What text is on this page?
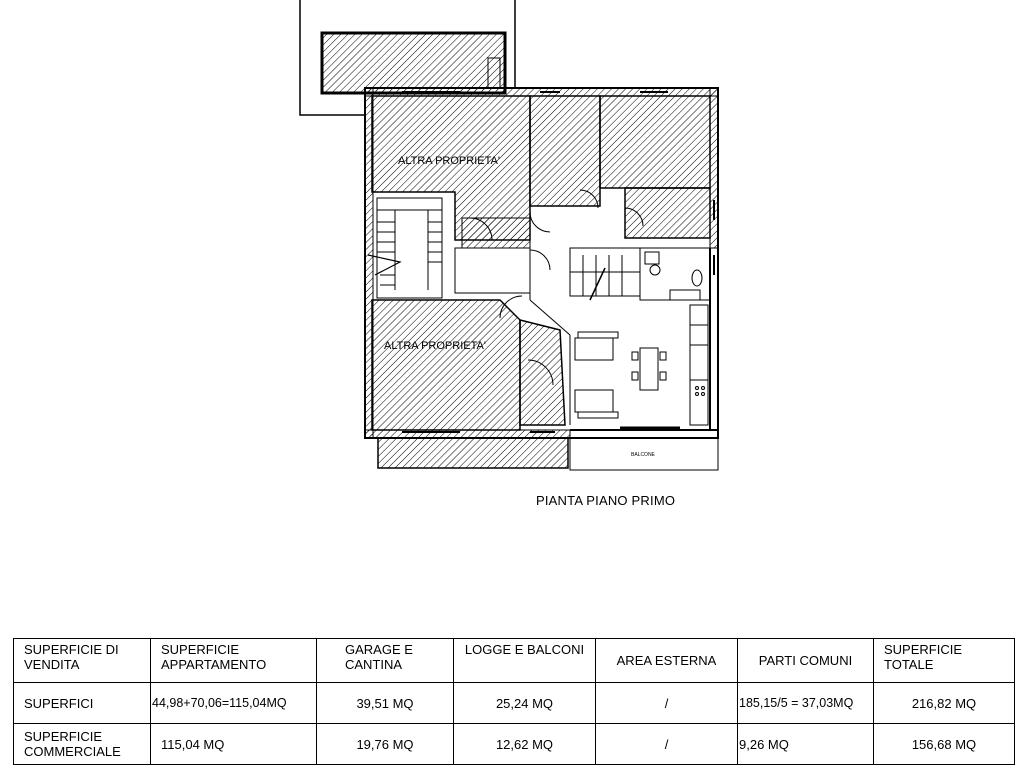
ALTRA PROPRIETA'
ALTRA PROPRIETA'
BALCONE
PIANTA PIANO PRIMO
SUPERFICIE DI VENDITA	SUPERFICIE APPARTAMENTO	GARAGE E CANTINA	LOGGE E BALCONI	AREA ESTERNA	PARTI COMUNI	SUPERFICIE TOTALE
SUPERFICI	44,98+70,06=115,04MQ	39,51 MQ	25,24 MQ	/	185,15/5 = 37,03MQ	216,82 MQ
SUPERFICIE COMMERCIALE	115,04 MQ	19,76 MQ	12,62 MQ	/	9,26 MQ	156,68 MQ
